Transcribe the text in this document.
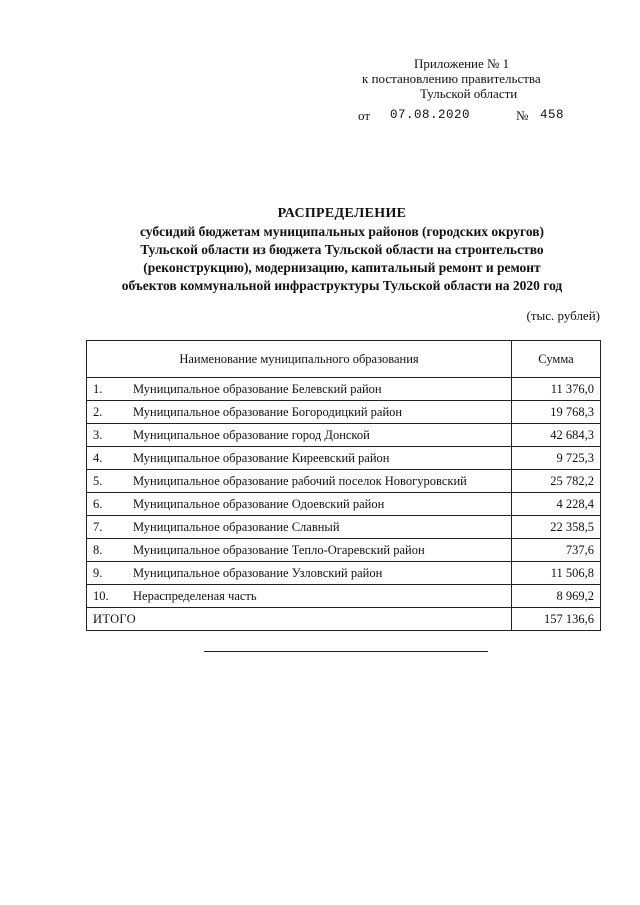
Приложение № 1
к постановлению правительства
Тульской области
от 07.08.2020	№ 458
РАСПРЕДЕЛЕНИЕ
субсидий бюджетам муниципальных районов (городских округов)
Тульской области из бюджета Тульской области на строительство
(реконструкцию), модернизацию, капитальный ремонт и ремонт
объектов коммунальной инфраструктуры Тульской области на 2020 год
(тыс. рублей)
Наименование муниципального образования	Сумма
1. Муниципальное образование Белевский район	11 376,0
2. Муниципальное образование Богородицкий район	19 768,3
3. Муниципальное образование город Донской	42 684,3
4. Муниципальное образование Киреевский район	9 725,3
5. Муниципальное образование рабочий поселок Новогуровский	25 782,2
6. Муниципальное образование Одоевский район	4 228,4
7. Муниципальное образование Славный	22 358,5
8. Муниципальное образование Тепло-Огаревский район	737,6
9. Муниципальное образование Узловский район	11 506,8
10. Нераспределеная часть	8 969,2
ИТОГО	157 136,6
